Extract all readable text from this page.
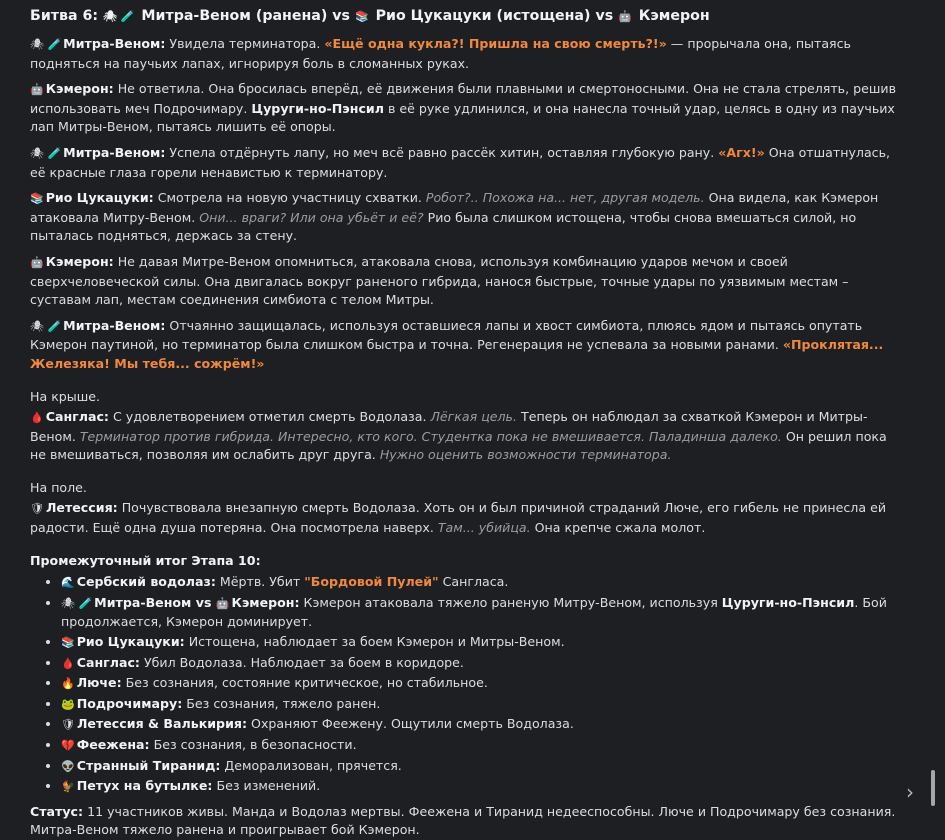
Битва 6: 🕷 🧪 Митра-Веном (ранена) vs 📚 Рио Цукацуки (истощена) vs 🤖 Кэмерон

🕷 🧪 Митра-Веном: Увидела терминатора. «Ещё одна кукла?! Пришла на свою смерть?!» — прорычала она, пытаясь подняться на паучьих лапах, игнорируя боль в сломанных руках.

🤖 Кэмерон: Не ответила. Она бросилась вперёд, её движения были плавными и смертоносными. Она не стала стрелять, решив использовать меч Подрочимару. Цуруги-но-Пэнсил в её руке удлинился, и она нанесла точный удар, целясь в одну из паучьих лап Митры-Веном, пытаясь лишить её опоры.

🕷 🧪 Митра-Веном: Успела отдёрнуть лапу, но меч всё равно рассёк хитин, оставляя глубокую рану. «Агх!» Она отшатнулась, её красные глаза горели ненавистью к терминатору.

📚 Рио Цукацуки: Смотрела на новую участницу схватки. Робот?.. Похожа на... нет, другая модель. Она видела, как Кэмерон атаковала Митру-Веном. Они... враги? Или она убьёт и её? Рио была слишком истощена, чтобы снова вмешаться силой, но пыталась подняться, держась за стену.

🤖 Кэмерон: Не давая Митре-Веном опомниться, атаковала снова, используя комбинацию ударов мечом и своей сверхчеловеческой силы. Она двигалась вокруг раненого гибрида, нанося быстрые, точные удары по уязвимым местам – суставам лап, местам соединения симбиота с телом Митры.

🕷 🧪 Митра-Веном: Отчаянно защищалась, используя оставшиеся лапы и хвост симбиота, плюясь ядом и пытаясь опутать Кэмерон паутиной, но терминатор была слишком быстра и точна. Регенерация не успевала за новыми ранами. «Проклятая... Железяка! Мы тебя... сожрём!»

На крыше.

🩸 Санглас: С удовлетворением отметил смерть Водолаза. Лёгкая цель. Теперь он наблюдал за схваткой Кэмерон и Митры-Веном. Терминатор против гибрида. Интересно, кто кого. Студентка пока не вмешивается. Паладинша далеко. Он решил пока не вмешиваться, позволяя им ослабить друг друга. Нужно оценить возможности терминатора.

На поле.

🛡 Летессия: Почувствовала внезапную смерть Водолаза. Хоть он и был причиной страданий Люче, его гибель не принесла ей радости. Ещё одна душа потеряна. Она посмотрела наверх. Там... убийца. Она крепче сжала молот.

Промежуточный итог Этапа 10:

• 🌊 Сербский водолаз: Мёртв. Убит "Бордовой Пулей" Сангласа.
• 🕷 🧪 Митра-Веном vs 🤖 Кэмерон: Кэмерон атаковала тяжело раненую Митру-Веном, используя Цуруги-но-Пэнсил. Бой продолжается, Кэмерон доминирует.
• 📚 Рио Цукацуки: Истощена, наблюдает за боем Кэмерон и Митры-Веном.
• 🩸 Санглас: Убил Водолаза. Наблюдает за боем в коридоре.
• 🔥 Люче: Без сознания, состояние критическое, но стабильное.
• 🐸 Подрочимару: Без сознания, тяжело ранен.
• 🛡 Летессия & Валькирия: Охраняют Феежену. Ощутили смерть Водолаза.
• 💔 Феежена: Без сознания, в безопасности.
• 👽 Странный Тиранид: Деморализован, прячется.
• 🐓 Петух на бутылке: Без изменений.

Статус: 11 участников живы. Манда и Водолаз мертвы. Феежена и Тиранид недееспособны. Люче и Подрочимару без сознания. Митра-Веном тяжело ранена и проигрывает бой Кэмерон.

›
